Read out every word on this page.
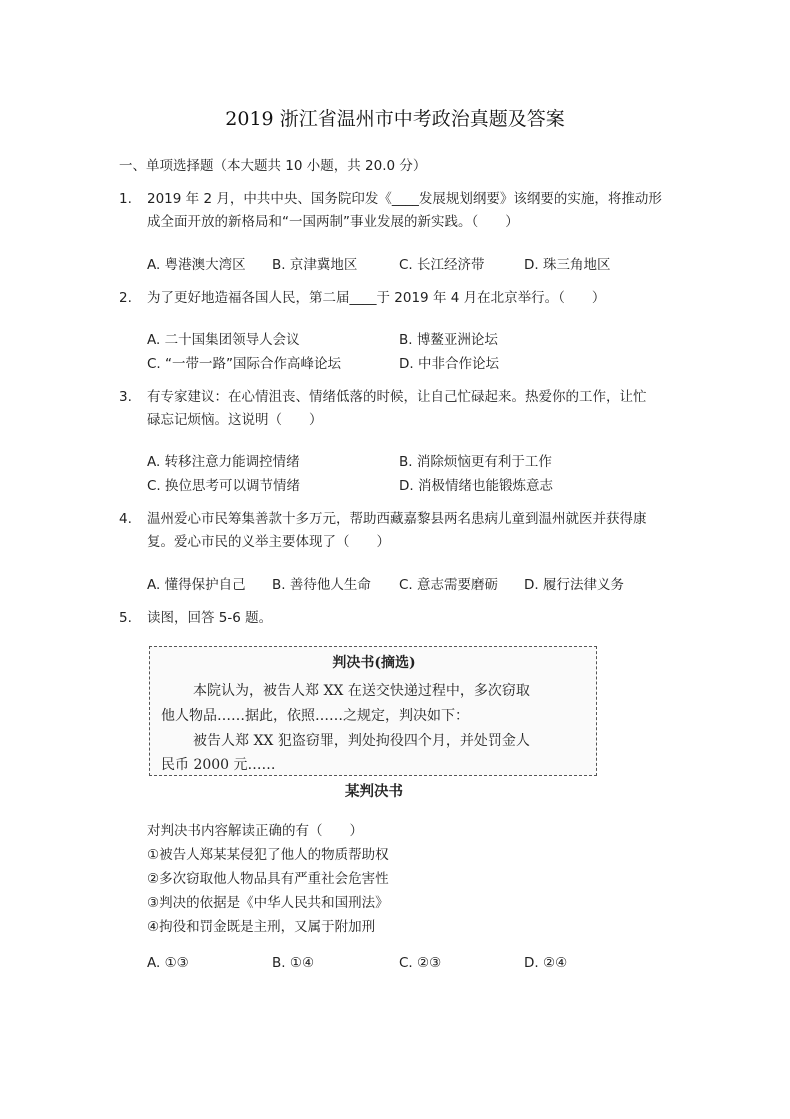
2019 浙江省温州市中考政治真题及答案
一、单项选择题（本大题共 10 小题，共 20.0 分）
1. 2019 年 2 月，中共中央、国务院印发《____发展规划纲要》该纲要的实施，将推动形
成全面开放的新格局和“一国两制”事业发展的新实践。（　　）
A. 粤港澳大湾区 B. 京津冀地区	C. 长江经济带	D. 珠三角地区
2. 为了更好地造福各国人民，第二届____于 2019 年 4 月在北京举行。（　　）
A. 二十国集团领导人会议	B. 博鳌亚洲论坛
C. “一带一路”国际合作高峰论坛	D. 中非合作论坛
3. 有专家建议：在心情沮丧、情绪低落的时候，让自己忙碌起来。热爱你的工作，让忙
碌忘记烦恼。这说明（　　）
A. 转移注意力能调控情绪	B. 消除烦恼更有利于工作
C. 换位思考可以调节情绪	D. 消极情绪也能锻炼意志
4. 温州爱心市民筹集善款十多万元，帮助西藏嘉黎县两名患病儿童到温州就医并获得康
复。爱心市民的义举主要体现了（　　）
A. 懂得保护自己 B. 善待他人生命 C. 意志需要磨砺 D. 履行法律义务
5. 读图，回答 5-6 题。
判决书(摘选)
本院认为，被告人郑 XX 在送交快递过程中，多次窃取
他人物品……据此，依照……之规定，判决如下：
被告人郑 XX 犯盗窃罪，判处拘役四个月，并处罚金人
民币 2000 元……
某判决书
对判决书内容解读正确的有（　　）
①被告人郑某某侵犯了他人的物质帮助权
②多次窃取他人物品具有严重社会危害性
③判决的依据是《中华人民共和国刑法》
④拘役和罚金既是主刑，又属于附加刑
A. ①③	B. ①④	C. ②③	D. ②④
